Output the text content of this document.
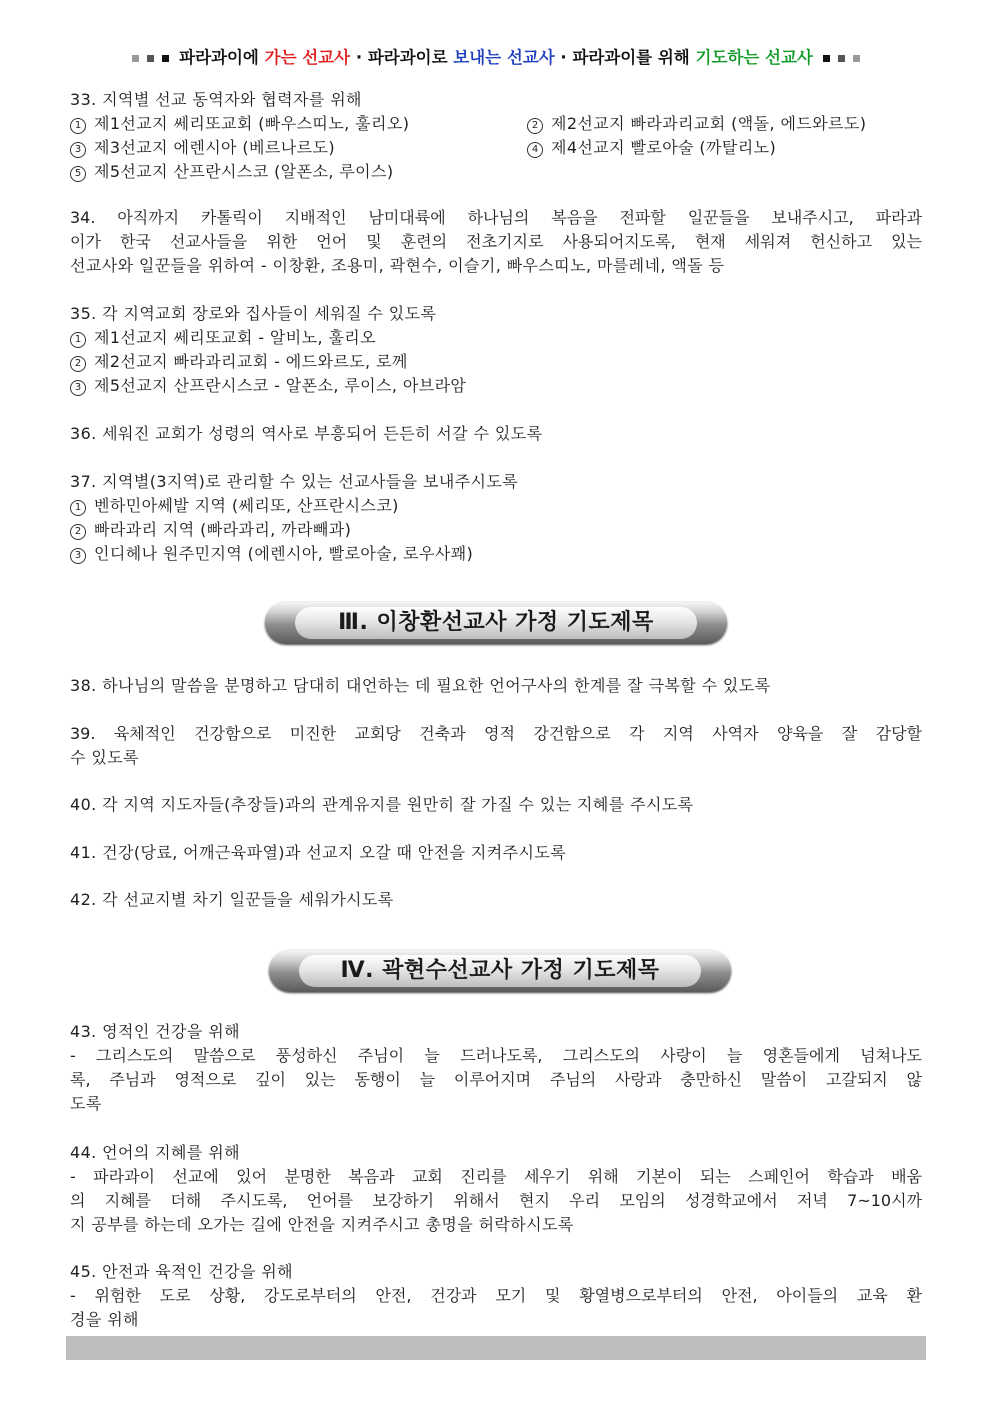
파라과이에 가는 선교사 · 파라과이로 보내는 선교사 · 파라과이를 위해 기도하는 선교사
33. 지역별 선교 동역자와 협력자를 위해
1 제1선교지 쎄리또교회 (빠우스띠노, 훌리오)	2 제2선교지 빠라과리교회 (액돌, 에드와르도)
3 제3선교지 에렌시아 (베르나르도)	4 제4선교지 빨로아술 (까탈리노)
5 제5선교지 산프란시스코 (알폰소, 루이스)
34. 아직까지 카톨릭이 지배적인 남미대륙에 하나님의 복음을 전파할 일꾼들을 보내주시고, 파라과
이가 한국 선교사들을 위한 언어 및 훈련의 전초기지로 사용되어지도록, 현재 세워져 헌신하고 있는
선교사와 일꾼들을 위하여 - 이창환, 조용미, 곽현수, 이슬기, 빠우스띠노, 마를레네, 액돌 등
35. 각 지역교회 장로와 집사들이 세워질 수 있도록
1 제1선교지 쎄리또교회 - 알비노, 훌리오
2 제2선교지 빠라과리교회 - 에드와르도, 로께
3 제5선교지 산프란시스코 - 알폰소, 루이스, 아브라암
36. 세워진 교회가 성령의 역사로 부흥되어 든든히 서갈 수 있도록
37. 지역별(3지역)로 관리할 수 있는 선교사들을 보내주시도록
1 벤하민아쎄발 지역 (쎄리또, 산프란시스코)
2 빠라과리 지역 (빠라과리, 까라빼과)
3 인디헤나 원주민지역 (에렌시아, 빨로아술, 로우사꽤)
Ⅲ. 이창환선교사 가정 기도제목
38. 하나님의 말씀을 분명하고 담대히 대언하는 데 필요한 언어구사의 한계를 잘 극복할 수 있도록
39. 육체적인 건강함으로 미진한 교회당 건축과 영적 강건함으로 각 지역 사역자 양육을 잘 감당할
수 있도록
40. 각 지역 지도자들(추장들)과의 관계유지를 원만히 잘 가질 수 있는 지혜를 주시도록
41. 건강(당료, 어깨근육파열)과 선교지 오갈 때 안전을 지켜주시도록
42. 각 선교지별 차기 일꾼들을 세워가시도록
Ⅳ. 곽현수선교사 가정 기도제목
43. 영적인 건강을 위해
- 그리스도의 말씀으로 풍성하신 주님이 늘 드러나도록, 그리스도의 사랑이 늘 영혼들에게 넘쳐나도
록, 주님과 영적으로 깊이 있는 동행이 늘 이루어지며 주님의 사랑과 충만하신 말씀이 고갈되지 않
도록
44. 언어의 지혜를 위해
- 파라과이 선교에 있어 분명한 복음과 교회 진리를 세우기 위해 기본이 되는 스페인어 학습과 배움
의 지혜를 더해 주시도록, 언어를 보강하기 위해서 현지 우리 모임의 성경학교에서 저녁 7~10시까
지 공부를 하는데 오가는 길에 안전을 지켜주시고 총명을 허락하시도록
45. 안전과 육적인 건강을 위해
- 위험한 도로 상황, 강도로부터의 안전, 건강과 모기 및 황열병으로부터의 안전, 아이들의 교육 환
경을 위해
